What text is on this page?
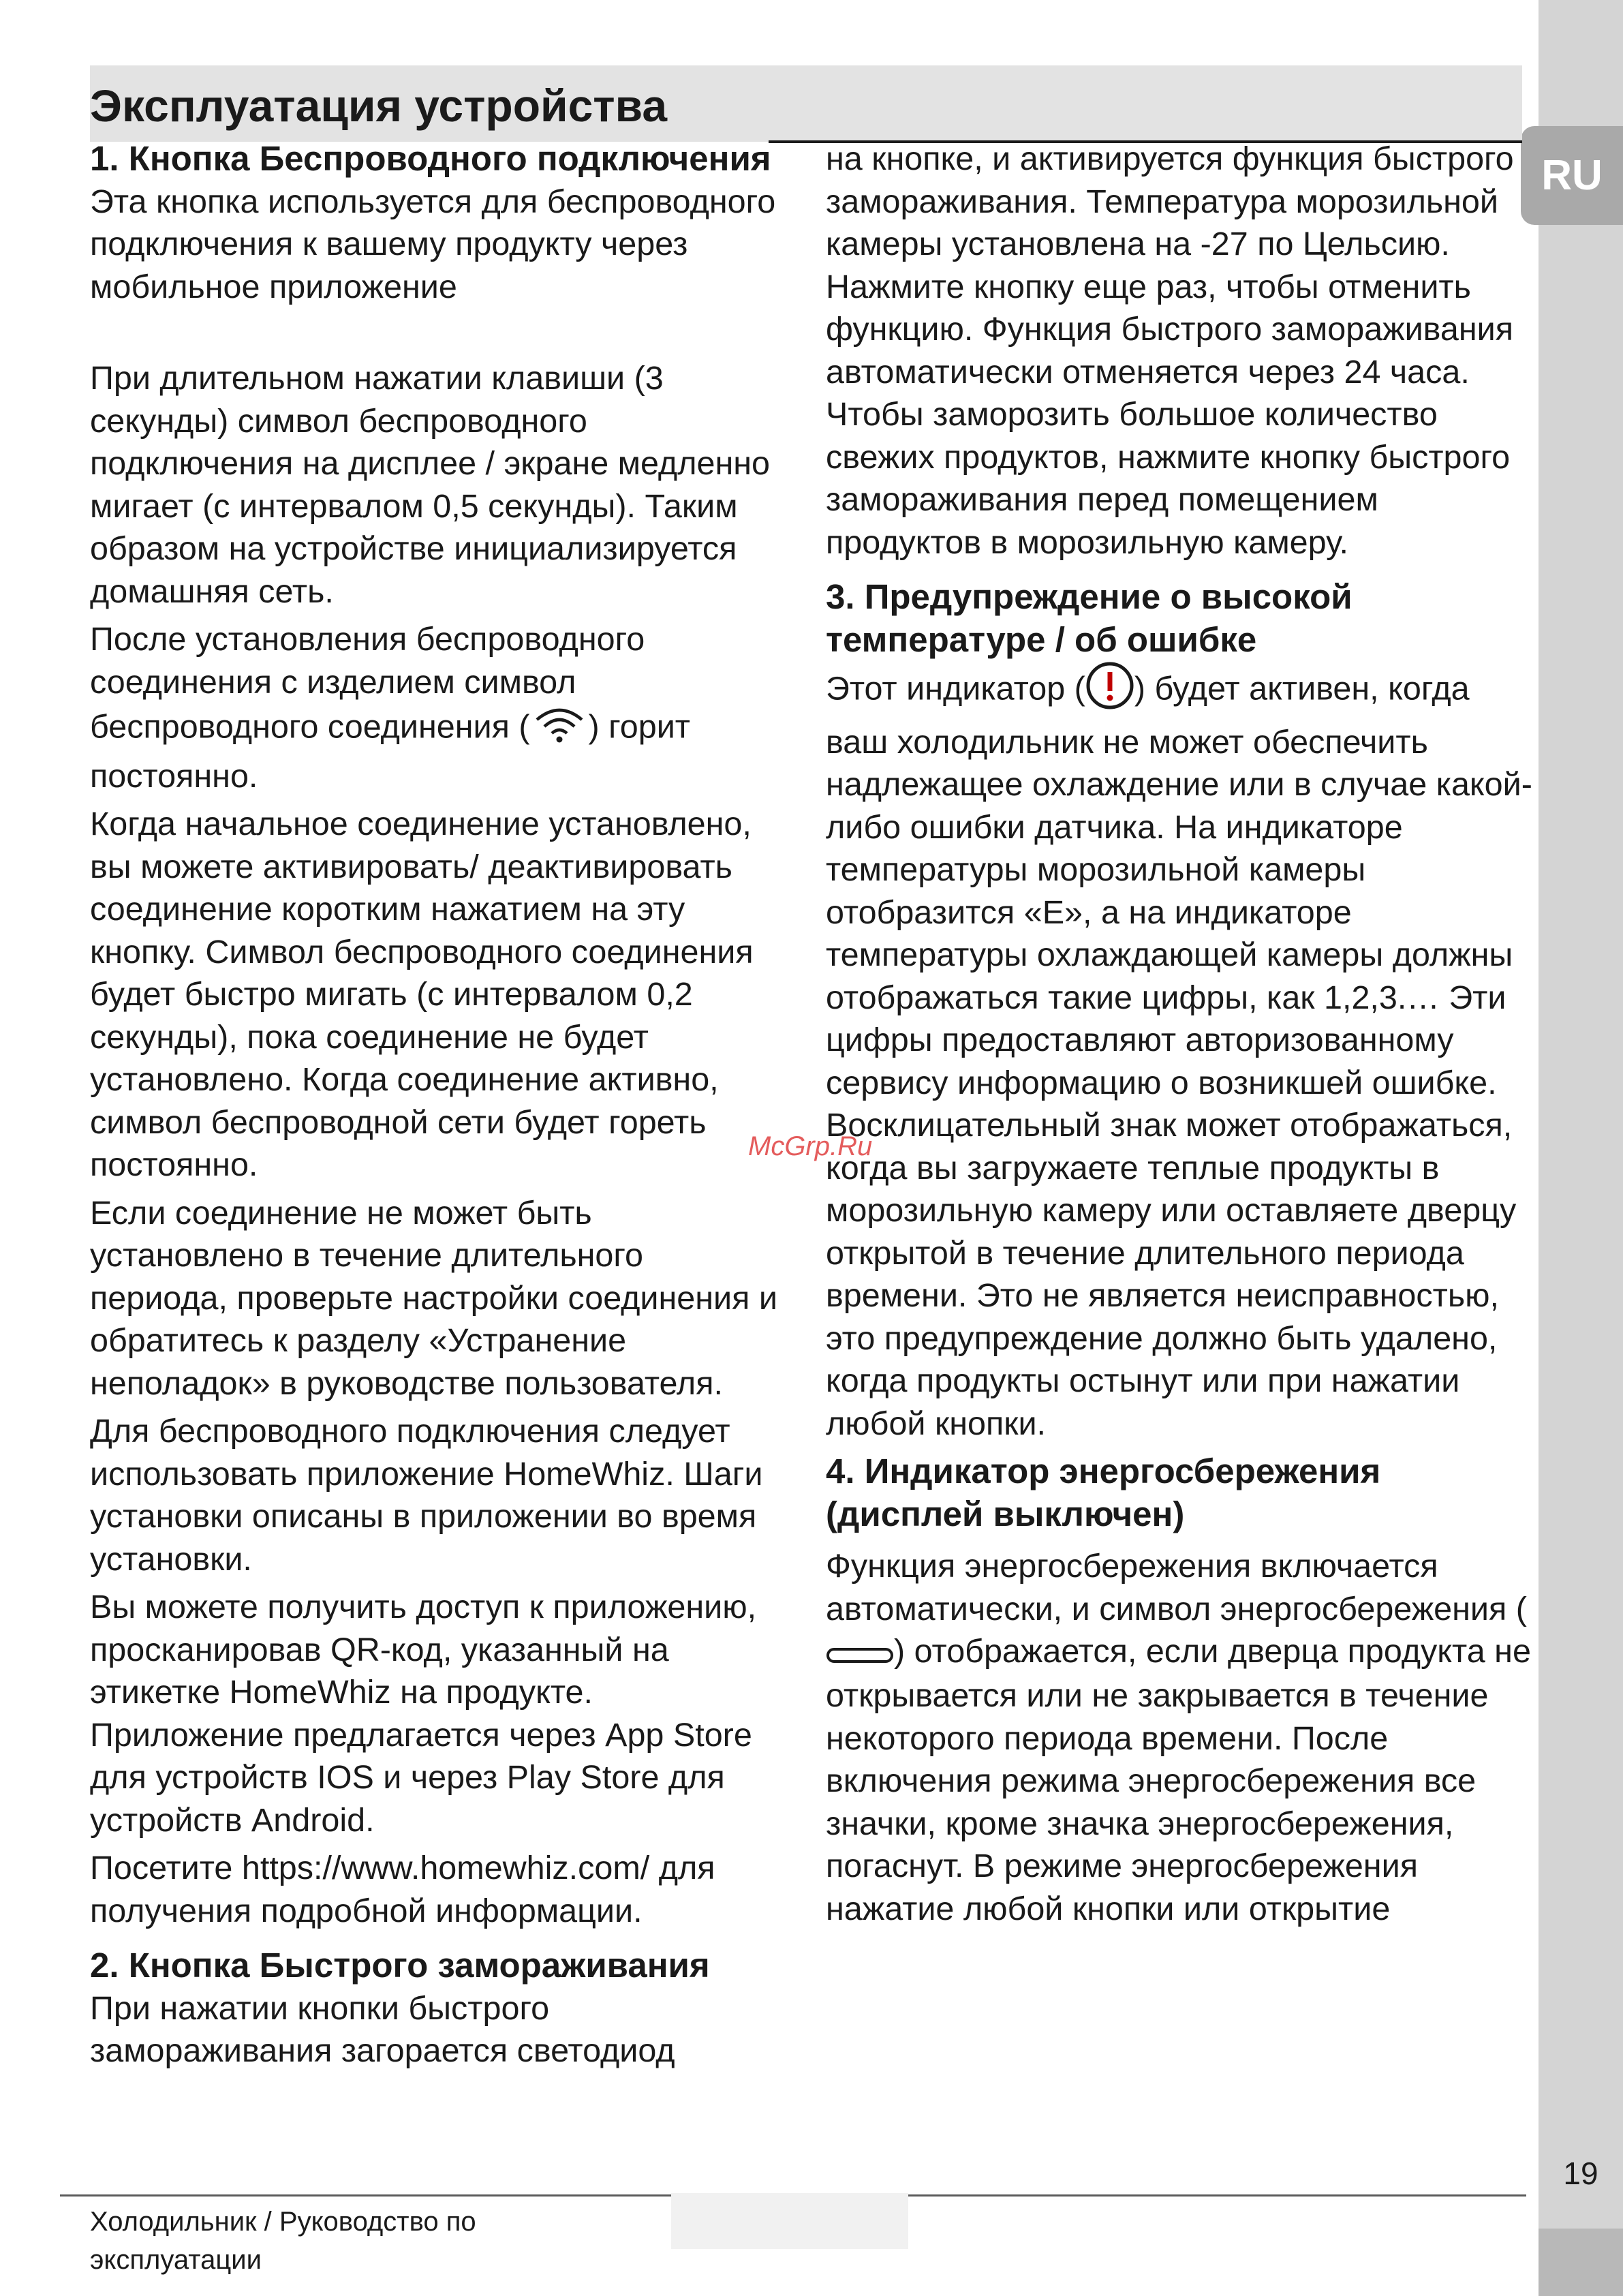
RU
Эксплуатация устройства
1. Кнопка Беспроводного подключения

Эта кнопка используется для беспроводного подключения к вашему продукту через мобильное приложение

При длительном нажатии клавиши (3 секунды) символ беспроводного подключения на дисплее / экране медленно мигает (с интервалом 0,5 секунды). Таким образом на устройстве инициализируется домашняя сеть.

После установления беспроводного соединения с изделием символ беспроводного соединения ( ) горит постоянно.

Когда начальное соединение установлено, вы можете активировать/ деактивировать соединение коротким нажатием на эту кнопку. Символ беспроводного соединения будет быстро мигать (с интервалом 0,2 секунды), пока соединение не будет установлено. Когда соединение активно, символ беспроводной сети будет гореть постоянно.

Если соединение не может быть установлено в течение длительного периода, проверьте настройки соединения и обратитесь к разделу «Устранение неполадок» в руководстве пользователя.

Для беспроводного подключения следует использовать приложение HomeWhiz. Шаги установки описаны в приложении во время установки.

Вы можете получить доступ к приложению, просканировав QR-код, указанный на этикетке HomeWhiz на продукте. Приложение предлагается через App Store для устройств IOS и через Play Store для устройств Android.

Посетите https://www.homewhiz.com/ для получения подробной информации.

2. Кнопка Быстрого замораживания

При нажатии кнопки быстрого замораживания загорается светодиод

на кнопке, и активируется функция быстрого замораживания. Температура морозильной камеры установлена на -27 по Цельсию. Нажмите кнопку еще раз, чтобы отменить функцию. Функция быстрого замораживания автоматически отменяется через 24 часа. Чтобы заморозить большое количество свежих продуктов, нажмите кнопку быстрого замораживания перед помещением продуктов в морозильную камеру.

3. Предупреждение о высокой температуре / об ошибке

Этот индикатор ( ) будет активен, когда ваш холодильник не может обеспечить надлежащее охлаждение или в случае какой-либо ошибки датчика. На индикаторе температуры морозильной камеры отобразится «E», а на индикаторе температуры охлаждающей камеры должны отображаться такие цифры, как 1,2,3.… Эти цифры предоставляют авторизованному сервису информацию о возникшей ошибке.

Восклицательный знак может отображаться, когда вы загружаете теплые продукты в морозильную камеру или оставляете дверцу открытой в течение длительного периода времени. Это не является неисправностью, это предупреждение должно быть удалено, когда продукты остынут или при нажатии любой кнопки.

4. Индикатор энергосбережения (дисплей выключен)

Функция энергосбережения включается автоматически, и символ энергосбережения () отображается, если дверца продукта не открывается или не закрывается в течение некоторого периода времени. После включения режима энергосбережения все значки, кроме значка энергосбережения, погаснут. В режиме энергосбережения нажатие любой кнопки или открытие

McGrp.Ru
Холодильник / Руководство по эксплуатации
19
